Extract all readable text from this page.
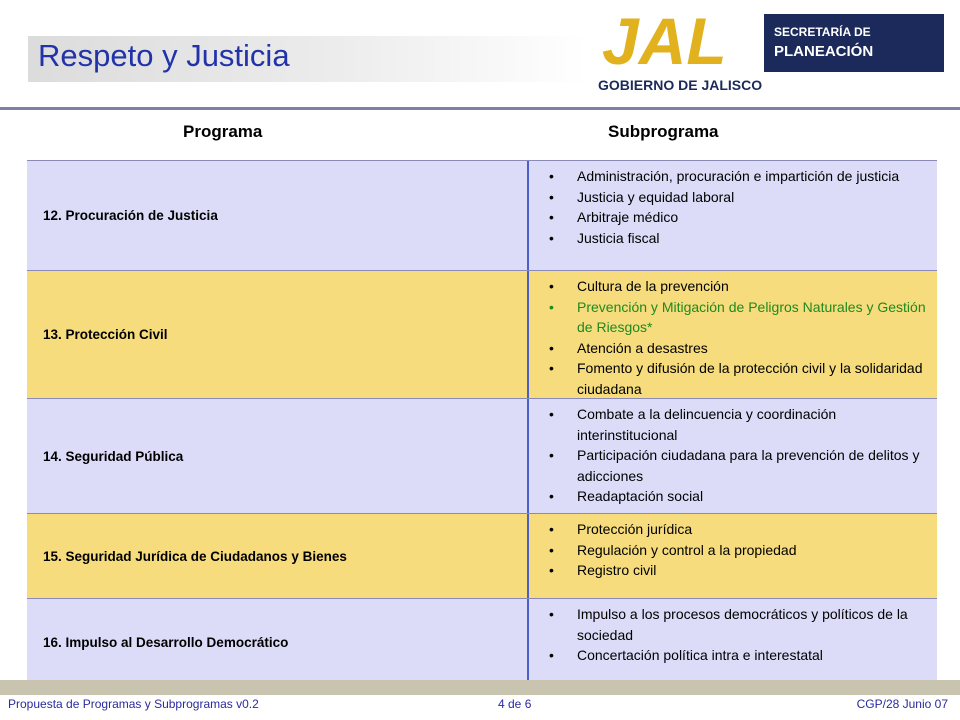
Respeto y Justicia	JAL	SECRETARÍA DE
PLANEACIÓN
GOBIERNO DE JALISCO
Programa	Subprograma
12. Procuración de Justicia
• Administración, procuración e impartición de justicia
• Justicia y equidad laboral
• Arbitraje médico
• Justicia fiscal
13. Protección Civil
• Cultura de la prevención
• Prevención y Mitigación de Peligros Naturales y Gestión de Riesgos*
• Atención a desastres
• Fomento y difusión de la protección civil y la solidaridad ciudadana
14. Seguridad Pública
• Combate a la delincuencia y coordinación interinstitucional
• Participación ciudadana para la prevención de delitos y adicciones
• Readaptación social
15. Seguridad Jurídica de Ciudadanos y Bienes
• Protección jurídica
• Regulación y control a la propiedad
• Registro civil
16. Impulso al Desarrollo Democrático
• Impulso a los procesos democráticos y políticos de la sociedad
• Concertación política intra e interestatal
Propuesta de Programas y Subprogramas v0.2	4 de 6	CGP/28 Junio 07
